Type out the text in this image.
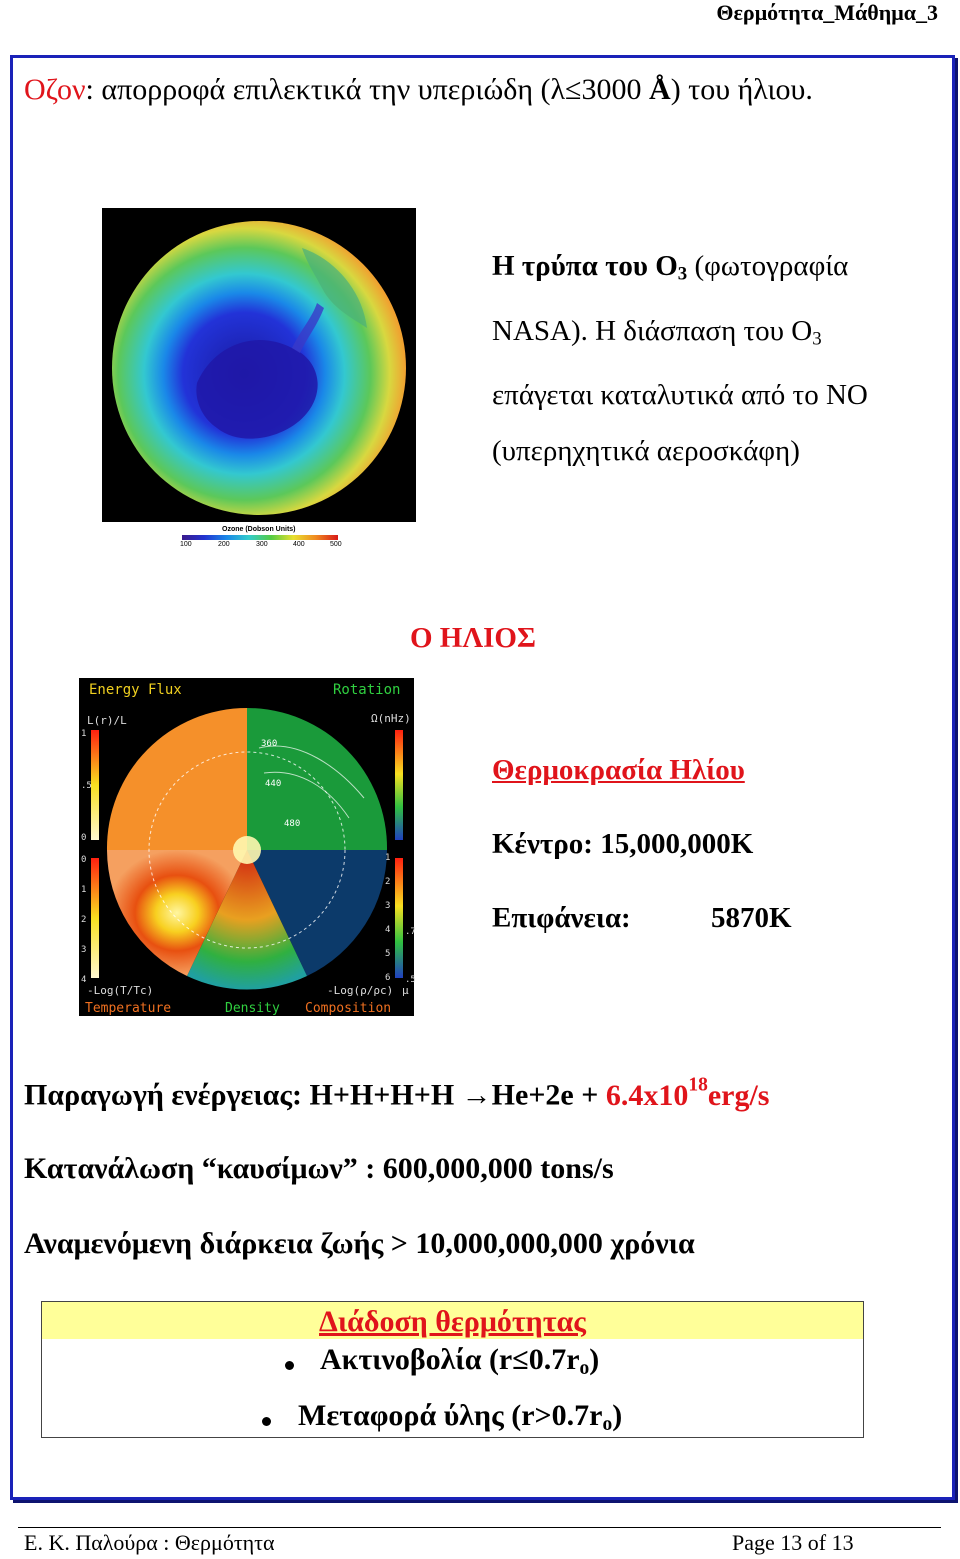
Θερμότητα_Μάθημα_3
Οζον: απορροφά επιλεκτικά την υπεριώδη (λ≤3000 Å) του ήλιου.
Ozone (Dobson Units)
100	200	300	400	500
Η τρύπα του $O_3$ (φωτογραφία
NASA). Η διάσπαση του $O_3$
επάγεται καταλυτικά από το NO
(υπερηχητικά αεροσκάφη)
Ο ΗΛΙΟΣ
Energy Flux	Rotation
Temperature	Density Composition
L(r)/L	Ω(nHz)
-Log(T/Tc)	-Log(ρ/ρc) μ
360
440
480
1
.5
0
0
1
2
3
4
1
2
3
4
5
6
.7
.5
Θερμοκρασία Ηλίου
Κέντρο: 15,000,000K
Επιφάνεια:	5870K
Παραγωγή ενέργειας: $H+H+H+H \to He+2e + 6.4x10^{18}erg/s$
Κατανάλωση “καυσίμων” : 600,000,000 tons/s
Αναμενόμενη διάρκεια ζωής > 10,000,000,000 χρόνια
Διάδοση θερμότητας
Ακτινοβολία $(r\le 0.7r_o)$
Μεταφορά ύλης $(r>0.7r_o)$
Ε. Κ. Παλούρα : Θερμότητα	Page 13 of 13
